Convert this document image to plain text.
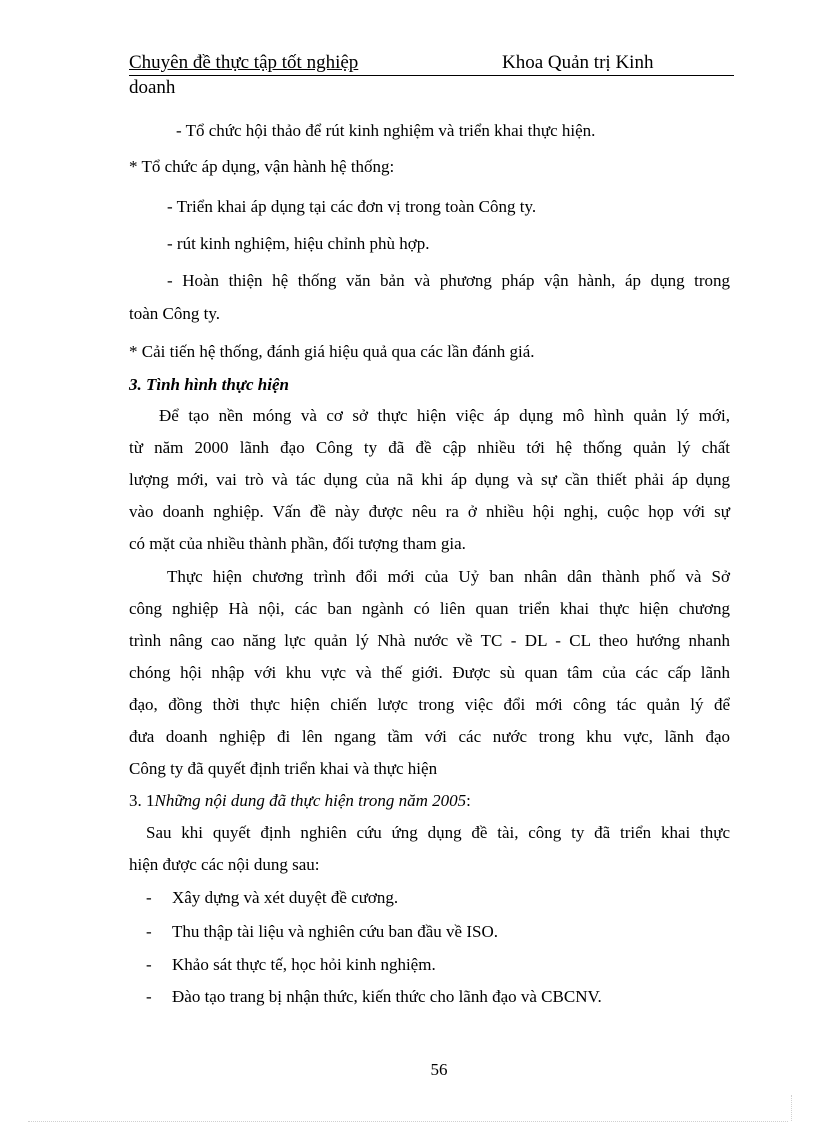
Chuyên đề thực tập tốt nghiệp	Khoa Quản trị Kinh
doanh
- Tổ chức hội thảo để rút kinh nghiệm và triển khai thực hiện.
* Tổ chức áp dụng, vận hành hệ thống:
- Triển khai áp dụng tại các đơn vị trong toàn Công ty.
- rút kinh nghiệm, hiệu chỉnh phù hợp.
- Hoàn thiện hệ thống văn bản và phương pháp vận hành, áp dụng trong
toàn Công ty.
* Cải tiến hệ thống, đánh giá hiệu quả qua các lần đánh giá.
3. Tình hình thực hiện
Để tạo nền móng và cơ sở thực hiện việc áp dụng mô hình quản lý mới,
từ năm 2000 lãnh đạo Công ty đã đề cập nhiều tới hệ thống quản lý chất
lượng mới, vai trò và tác dụng của nã khi áp dụng và sự cần thiết phải áp dụng
vào doanh nghiệp. Vấn đề này được nêu ra ở nhiều hội nghị, cuộc họp với sự
có mặt của nhiều thành phần, đối tượng tham gia.
Thực hiện chương trình đổi mới của Uỷ ban nhân dân thành phố và Sở
công nghiệp Hà nội, các ban ngành có liên quan triển khai thực hiện chương
trình nâng cao năng lực quản lý Nhà nước về TC - DL - CL theo hướng nhanh
chóng hội nhập với khu vực và thế giới. Được sù quan tâm của các cấp lãnh
đạo, đồng thời thực hiện chiến lược trong việc đổi mới công tác quản lý để
đưa doanh nghiệp đi lên ngang tầm với các nước trong khu vực, lãnh đạo
Công ty đã quyết định triển khai và thực hiện
3. 1Những nội dung đã thực hiện trong năm 2005:
Sau khi quyết định nghiên cứu ứng dụng đề tài, công ty đã triển khai thực
hiện được các nội dung sau:
- Xây dựng và xét duyệt đề cương.
- Thu thập tài liệu và nghiên cứu ban đầu về ISO.
- Khảo sát thực tế, học hỏi kinh nghiệm.
- Đào tạo trang bị nhận thức, kiến thức cho lãnh đạo và CBCNV.
56
